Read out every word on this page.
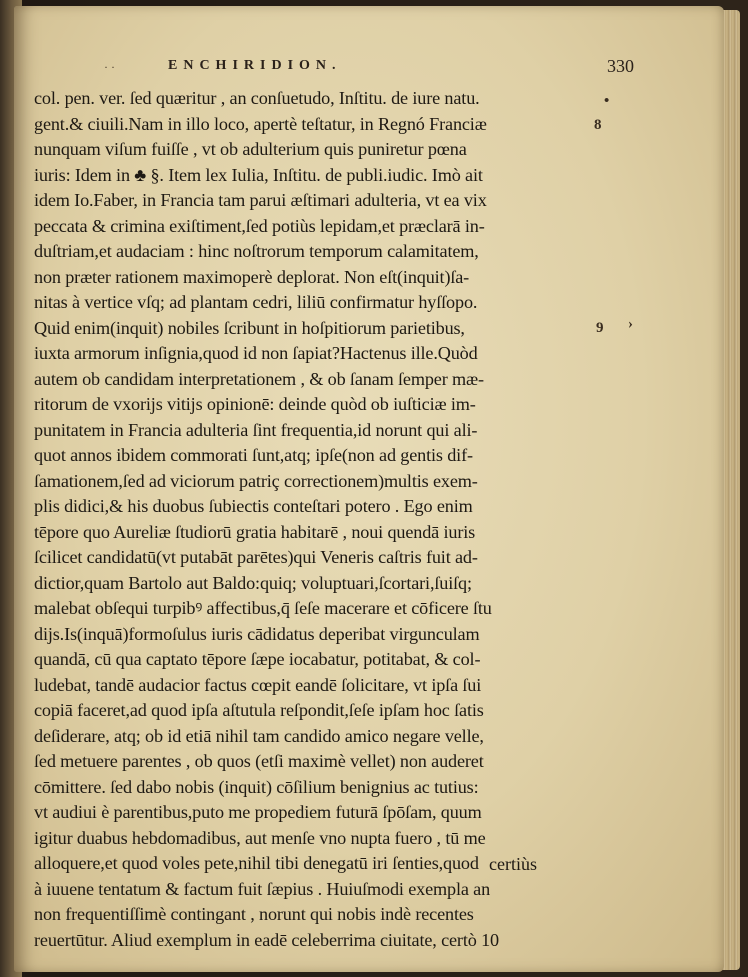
· ·	ENCHIRIDION.	330
col. pen. ver. ſed quæritur , an conſuetudo, Inſtitu. de iure natu.
gent.& ciuili.Nam in illo loco, apertè teſtatur, in Regnó Franciæ
nunquam viſum fuiſſe , vt ob adulterium quis puniretur pœna
iuris: Idem in ♣ §. Item lex Iulia, Inſtitu. de publi.iudic. Imò ait
idem Io.Faber, in Francia tam parui æſtimari adulteria, vt ea vix
peccata & crimina exiſtiment,ſed potiùs lepidam,et præclarā in-
duſtriam,et audaciam : hinc noſtrorum temporum calamitatem,
non præter rationem maximoperè deplorat. Non eſt(inquit)ſa-
nitas à vertice vſq; ad plantam cedri, liliū confirmatur hyſſopo.
Quid enim(inquit) nobiles ſcribunt in hoſpitiorum parietibus,
iuxta armorum inſignia,quod id non ſapiat?Hactenus ille.Quòd
autem ob candidam interpretationem , & ob ſanam ſemper mæ-
ritorum de vxorijs vitijs opinionē: deinde quòd ob iuſticiæ im-
punitatem in Francia adulteria ſint frequentia,id norunt qui ali-
quot annos ibidem commorati ſunt,atq; ipſe(non ad gentis dif-
ſamationem,ſed ad viciorum patriç correctionem)multis exem-
plis didici,& his duobus ſubiectis conteſtari potero . Ego enim
tēpore quo Aureliæ ſtudiorū gratia habitarē , noui quendā iuris
ſcilicet candidatū(vt putabāt parētes)qui Veneris caſtris fuit ad-
dictior,quam Bartolo aut Baldo:quiq; voluptuari,ſcortari,ſuiſq;
malebat obſequi turpibꝰ affectibus,q̄ ſeſe macerare et cōficere ſtu
dijs.Is(inquā)formoſulus iuris cādidatus deperibat virgunculam
quandā, cū qua captato tēpore ſæpe iocabatur, potitabat, & col-
ludebat, tandē audacior factus cœpit eandē ſolicitare, vt ipſa ſui
copiā faceret,ad quod ipſa aſtutula reſpondit,ſeſe ipſam hoc ſatis
deſiderare, atq; ob id etiā nihil tam candido amico negare velle,
ſed metuere parentes , ob quos (etſi maximè vellet) non auderet
cōmittere. ſed dabo nobis (inquit) cōſilium benignius ac tutius:
vt audiui è parentibus,puto me propediem futurā ſpōſam, quum
igitur duabus hebdomadibus, aut menſe vno nupta fuero , tū me
alloquere,et quod voles pete,nihil tibi denegatū iri ſenties,quod
à iuuene tentatum & factum fuit ſæpius . Huiuſmodi exempla an
non frequentiſſimè contingant , norunt qui nobis indè recentes
reuertūtur. Aliud exemplum in eadē celeberrima ciuitate, certò 10
certiùs
•
8
9 ›
